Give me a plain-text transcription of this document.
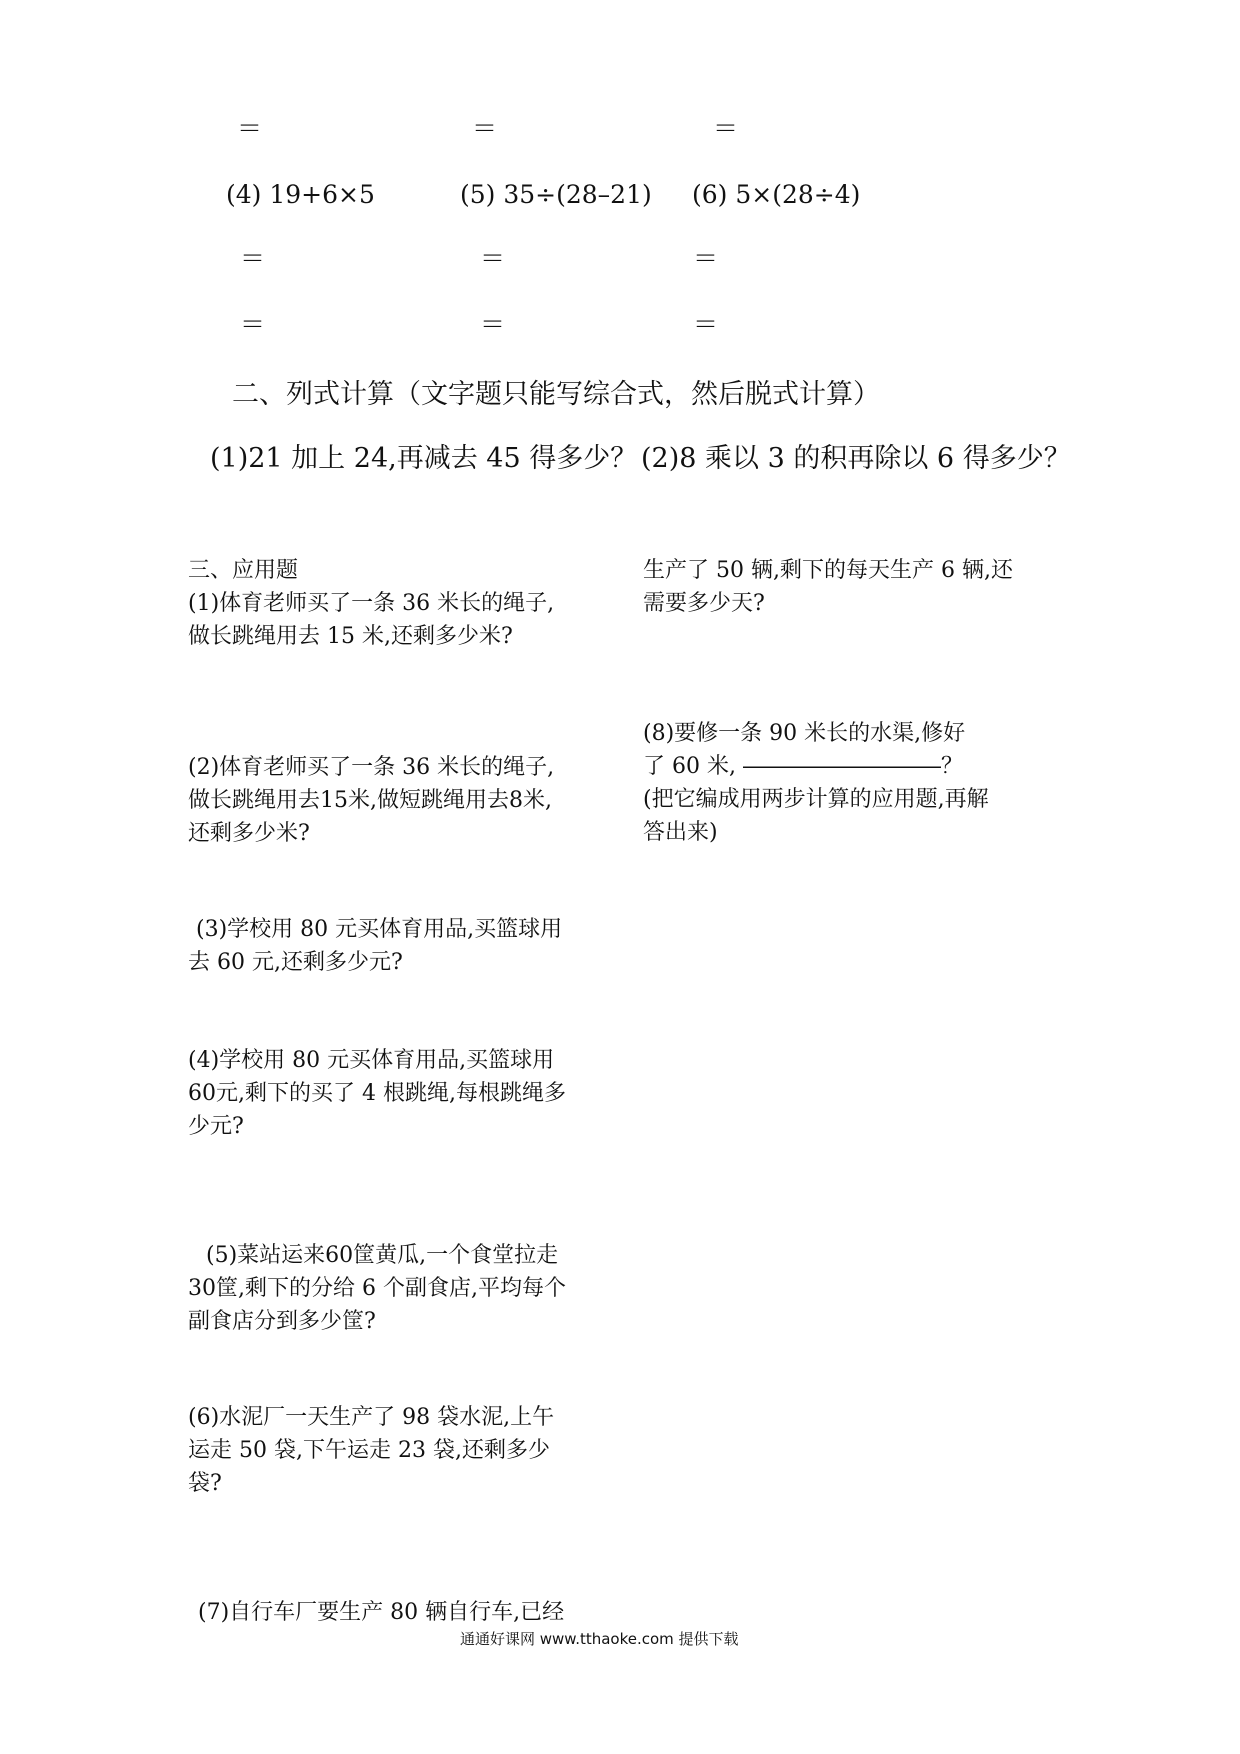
＝	＝	＝
(4) 19+6×5	(5) 35÷(28–21) (6) 5×(28÷4)
＝	＝	＝
＝	＝	＝
二、列式计算（文字题只能写综合式，然后脱式计算）
(1)21 加上 24,再减去 45 得多少？ (2)8 乘以 3 的积再除以 6 得多少？
三、应用题
(1)体育老师买了一条 36 米长的绳子,
做长跳绳用去 15 米,还剩多少米?
(2)体育老师买了一条 36 米长的绳子,
做长跳绳用去15米,做短跳绳用去8米,
还剩多少米?
(3)学校用 80 元买体育用品,买篮球用
去 60 元,还剩多少元?
(4)学校用 80 元买体育用品,买篮球用
60元,剩下的买了 4 根跳绳,每根跳绳多
少元?
(5)菜站运来60筐黄瓜,一个食堂拉走
30筐,剩下的分给 6 个副食店,平均每个
副食店分到多少筐?
(6)水泥厂一天生产了 98 袋水泥,上午
运走 50 袋,下午运走 23 袋,还剩多少
袋?
(7)自行车厂要生产 80 辆自行车,已经
生产了 50 辆,剩下的每天生产 6 辆,还
需要多少天?
(8)要修一条 90 米长的水渠,修好
了 60 米, ―――――――――？
(把它编成用两步计算的应用题,再解
答出来)
通通好课网 www.tthaoke.com 提供下载
